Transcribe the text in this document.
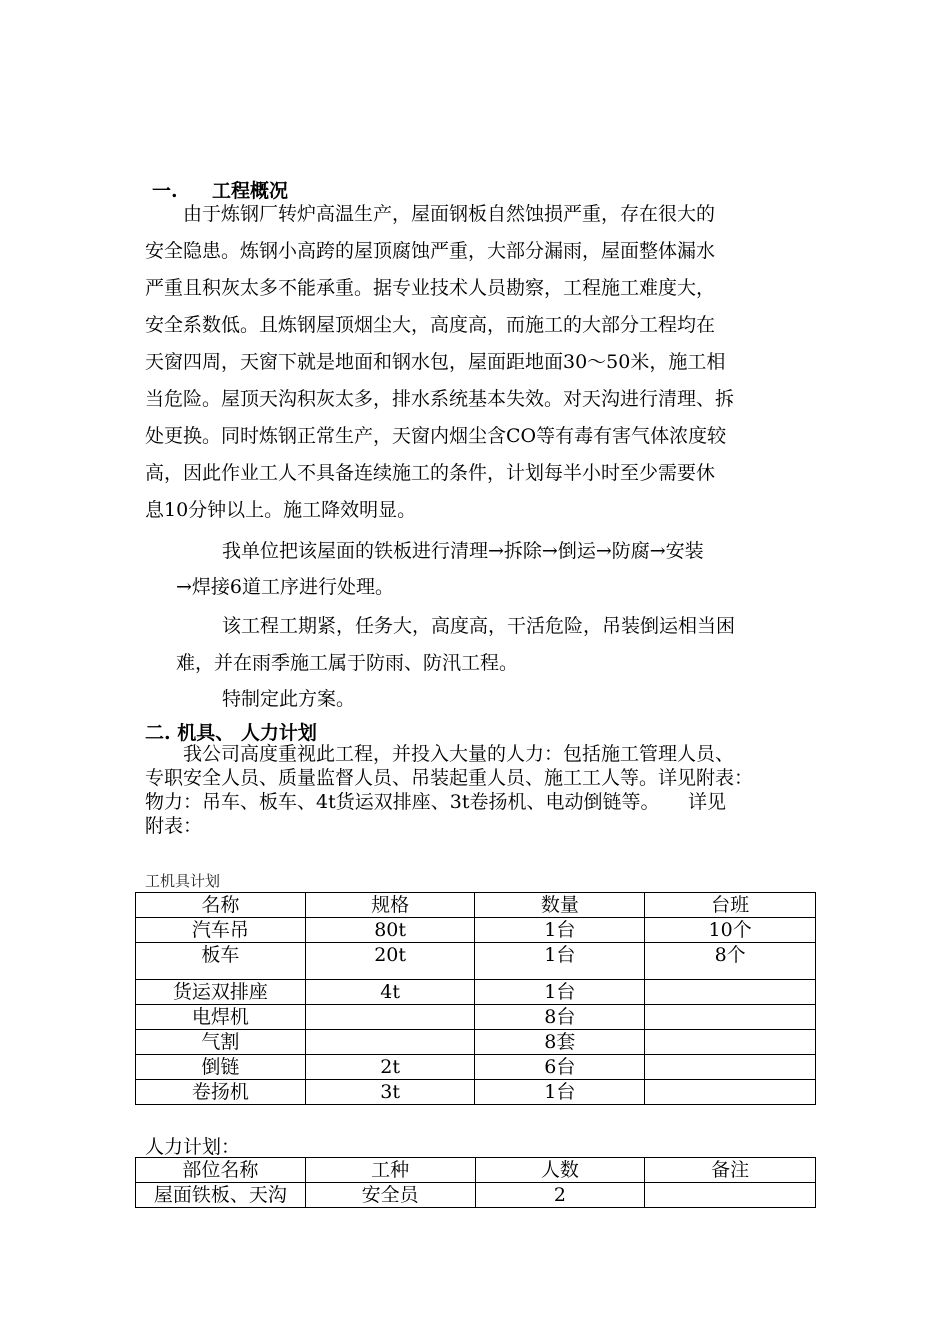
一. 工程概况
　　由于炼钢厂转炉高温生产，屋面钢板自然蚀损严重，存在很大的
安全隐患。炼钢小高跨的屋顶腐蚀严重，大部分漏雨，屋面整体漏水
严重且积灰太多不能承重。据专业技术人员勘察，工程施工难度大，
安全系数低。且炼钢屋顶烟尘大，高度高，而施工的大部分工程均在
天窗四周，天窗下就是地面和钢水包，屋面距地面30～50米，施工相
当危险。屋顶天沟积灰太多，排水系统基本失效。对天沟进行清理、拆
处更换。同时炼钢正常生产，天窗内烟尘含CO等有毒有害气体浓度较
高，因此作业工人不具备连续施工的条件，计划每半小时至少需要休
息10分钟以上。施工降效明显。
我单位把该屋面的铁板进行清理→拆除→倒运→防腐→安装
→焊接6道工序进行处理。
该工程工期紧，任务大，高度高，干活危险，吊装倒运相当困
难，并在雨季施工属于防雨、防汛工程。
特制定此方案。
二. 机具、 人力计划
　　我公司高度重视此工程，并投入大量的人力：包括施工管理人员、
专职安全人员、质量监督人员、吊装起重人员、施工工人等。详见附表：
物力：吊车、板车、4t货运双排座、3t卷扬机、电动倒链等。　　详见
附表：
工机具计划
名称	规格	数量	台班
汽车吊	80t	1台	10个
板车	20t	1台	8个
货运双排座	4t	1台	
电焊机		8台	
气割		8套	
倒链	2t	6台	
卷扬机	3t	1台	
人力计划：
部位名称	工种	人数	备注
屋面铁板、天沟	安全员	2	
